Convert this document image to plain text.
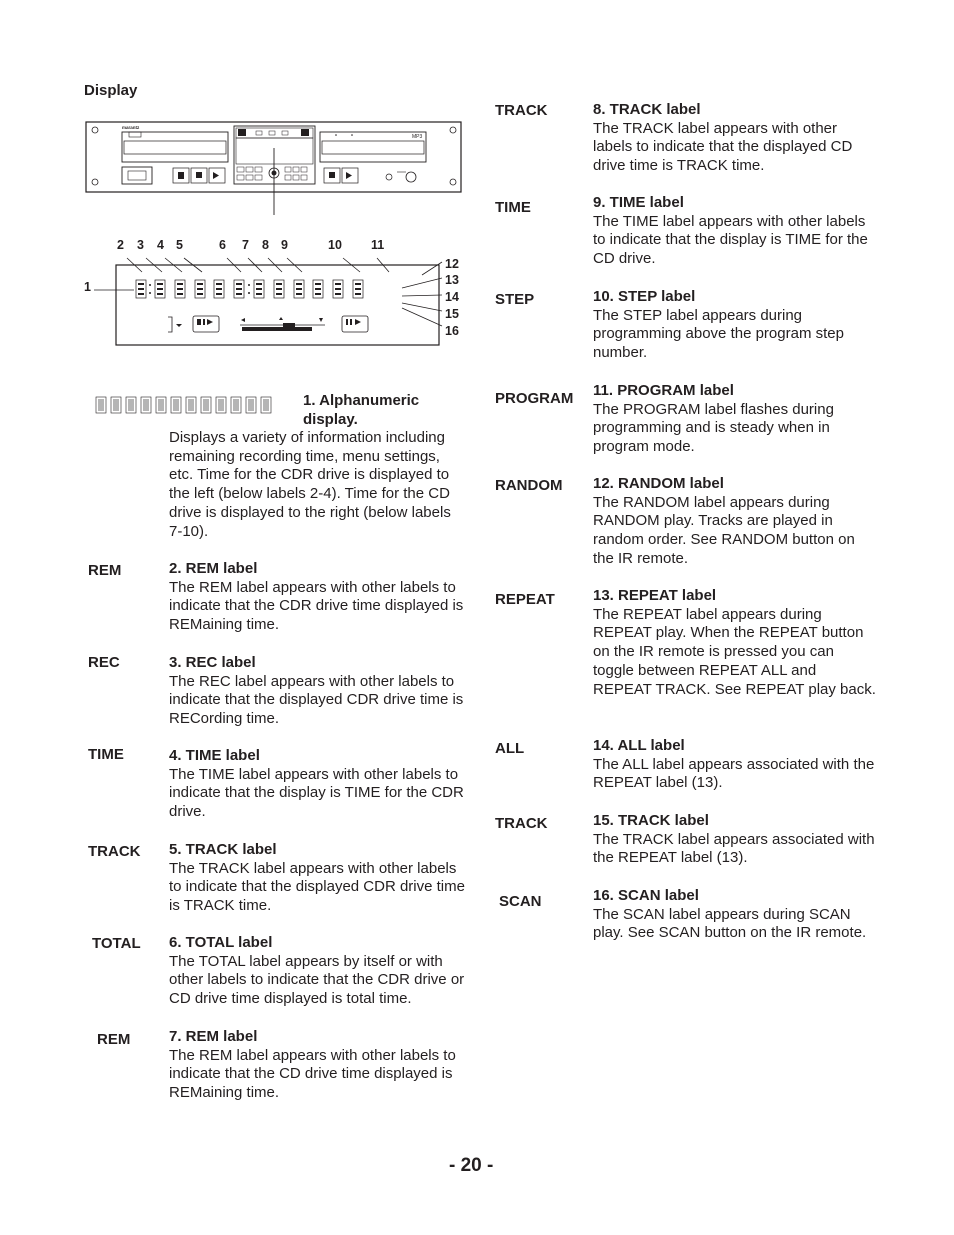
Display
marantz
MP3
2 3 4 5	6 7 8 9	10 11
12
13
14
15
16
1
1. Alphanumeric display.
Displays a variety of information including remaining recording time, menu settings, etc. Time for the CDR drive is displayed to the left (below labels 2-4). Time for the CD drive is displayed to the right (below labels 7-10).
REM	2. REM label
The REM label appears with other labels to indicate that the CDR drive time displayed is REMaining time.
REC	3. REC label
The REC label appears with other labels to indicate that the displayed CDR drive time is RECording time.
TIME	4. TIME label
The TIME label appears with other labels to indicate that the display is TIME for the CDR drive.
TRACK 5. TRACK label
The TRACK label appears with other labels to indicate that the displayed CDR drive time is TRACK time.
TOTAL 6. TOTAL label
The TOTAL label appears by itself or with other labels to indicate that the CDR drive or CD drive time displayed is total time.
REM	7. REM label
The REM label appears with other labels to indicate that the CD drive time displayed is REMaining time.
TRACK	8. TRACK label
The TRACK label appears with other labels to indicate that the displayed CD drive time is TRACK time.
TIME	9. TIME label
The TIME label appears with other labels to indicate that the display is TIME for the CD drive.
STEP	10. STEP label
The STEP label appears during programming above the program step number.
PROGRAM 11. PROGRAM label
The PROGRAM label flashes during programming and is steady when in program mode.
RANDOM 12. RANDOM label
The RANDOM label appears during RANDOM play. Tracks are played in random order. See RANDOM button on the IR remote.
REPEAT	13. REPEAT label
The REPEAT label appears during REPEAT play. When the REPEAT button on the IR remote is pressed you can toggle between REPEAT ALL and REPEAT TRACK. See REPEAT play back.
ALL	14. ALL label
The ALL label appears associated with the REPEAT label (13).
TRACK	15. TRACK label
The TRACK label appears associated with the REPEAT label (13).
SCAN	16. SCAN label
The SCAN label appears during SCAN play. See SCAN button on the IR remote.
- 20 -
